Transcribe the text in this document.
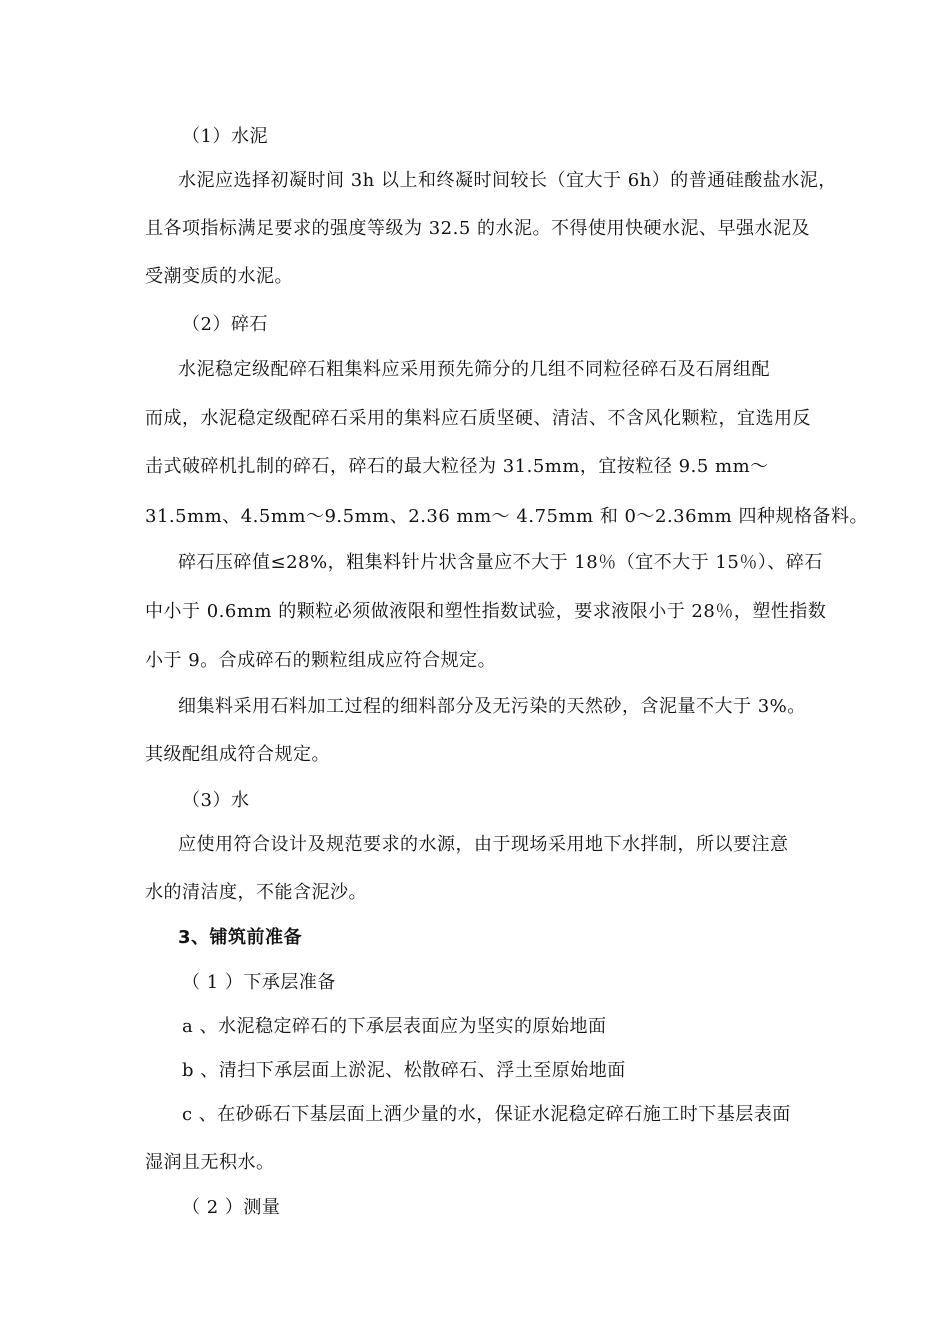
（1）水泥
水泥应选择初凝时间 3h 以上和终凝时间较长（宜大于 6h）的普通硅酸盐水泥，
且各项指标满足要求的强度等级为 32.5 的水泥。不得使用快硬水泥、早强水泥及
受潮变质的水泥。
（2）碎石
水泥稳定级配碎石粗集料应采用预先筛分的几组不同粒径碎石及石屑组配
而成，水泥稳定级配碎石采用的集料应石质坚硬、清洁、不含风化颗粒，宜选用反
击式破碎机扎制的碎石，碎石的最大粒径为 31.5mm，宜按粒径 9.5 mm～
31.5mm、4.5mm～9.5mm、2.36 mm～ 4.75mm 和 0～2.36mm 四种规格备料。
碎石压碎值≤28%，粗集料针片状含量应不大于 18％（宜不大于 15％）、碎石
中小于 0.6mm 的颗粒必须做液限和塑性指数试验，要求液限小于 28％，塑性指数
小于 9。合成碎石的颗粒组成应符合规定。
细集料采用石料加工过程的细料部分及无污染的天然砂，含泥量不大于 3%。
其级配组成符合规定。
（3）水
应使用符合设计及规范要求的水源，由于现场采用地下水拌制，所以要注意
水的清洁度，不能含泥沙。
3、铺筑前准备
（ 1 ）下承层准备
a 、水泥稳定碎石的下承层表面应为坚实的原始地面
b 、清扫下承层面上淤泥、松散碎石、浮土至原始地面
c 、在砂砾石下基层面上洒少量的水，保证水泥稳定碎石施工时下基层表面
湿润且无积水。
（ 2 ）测量
